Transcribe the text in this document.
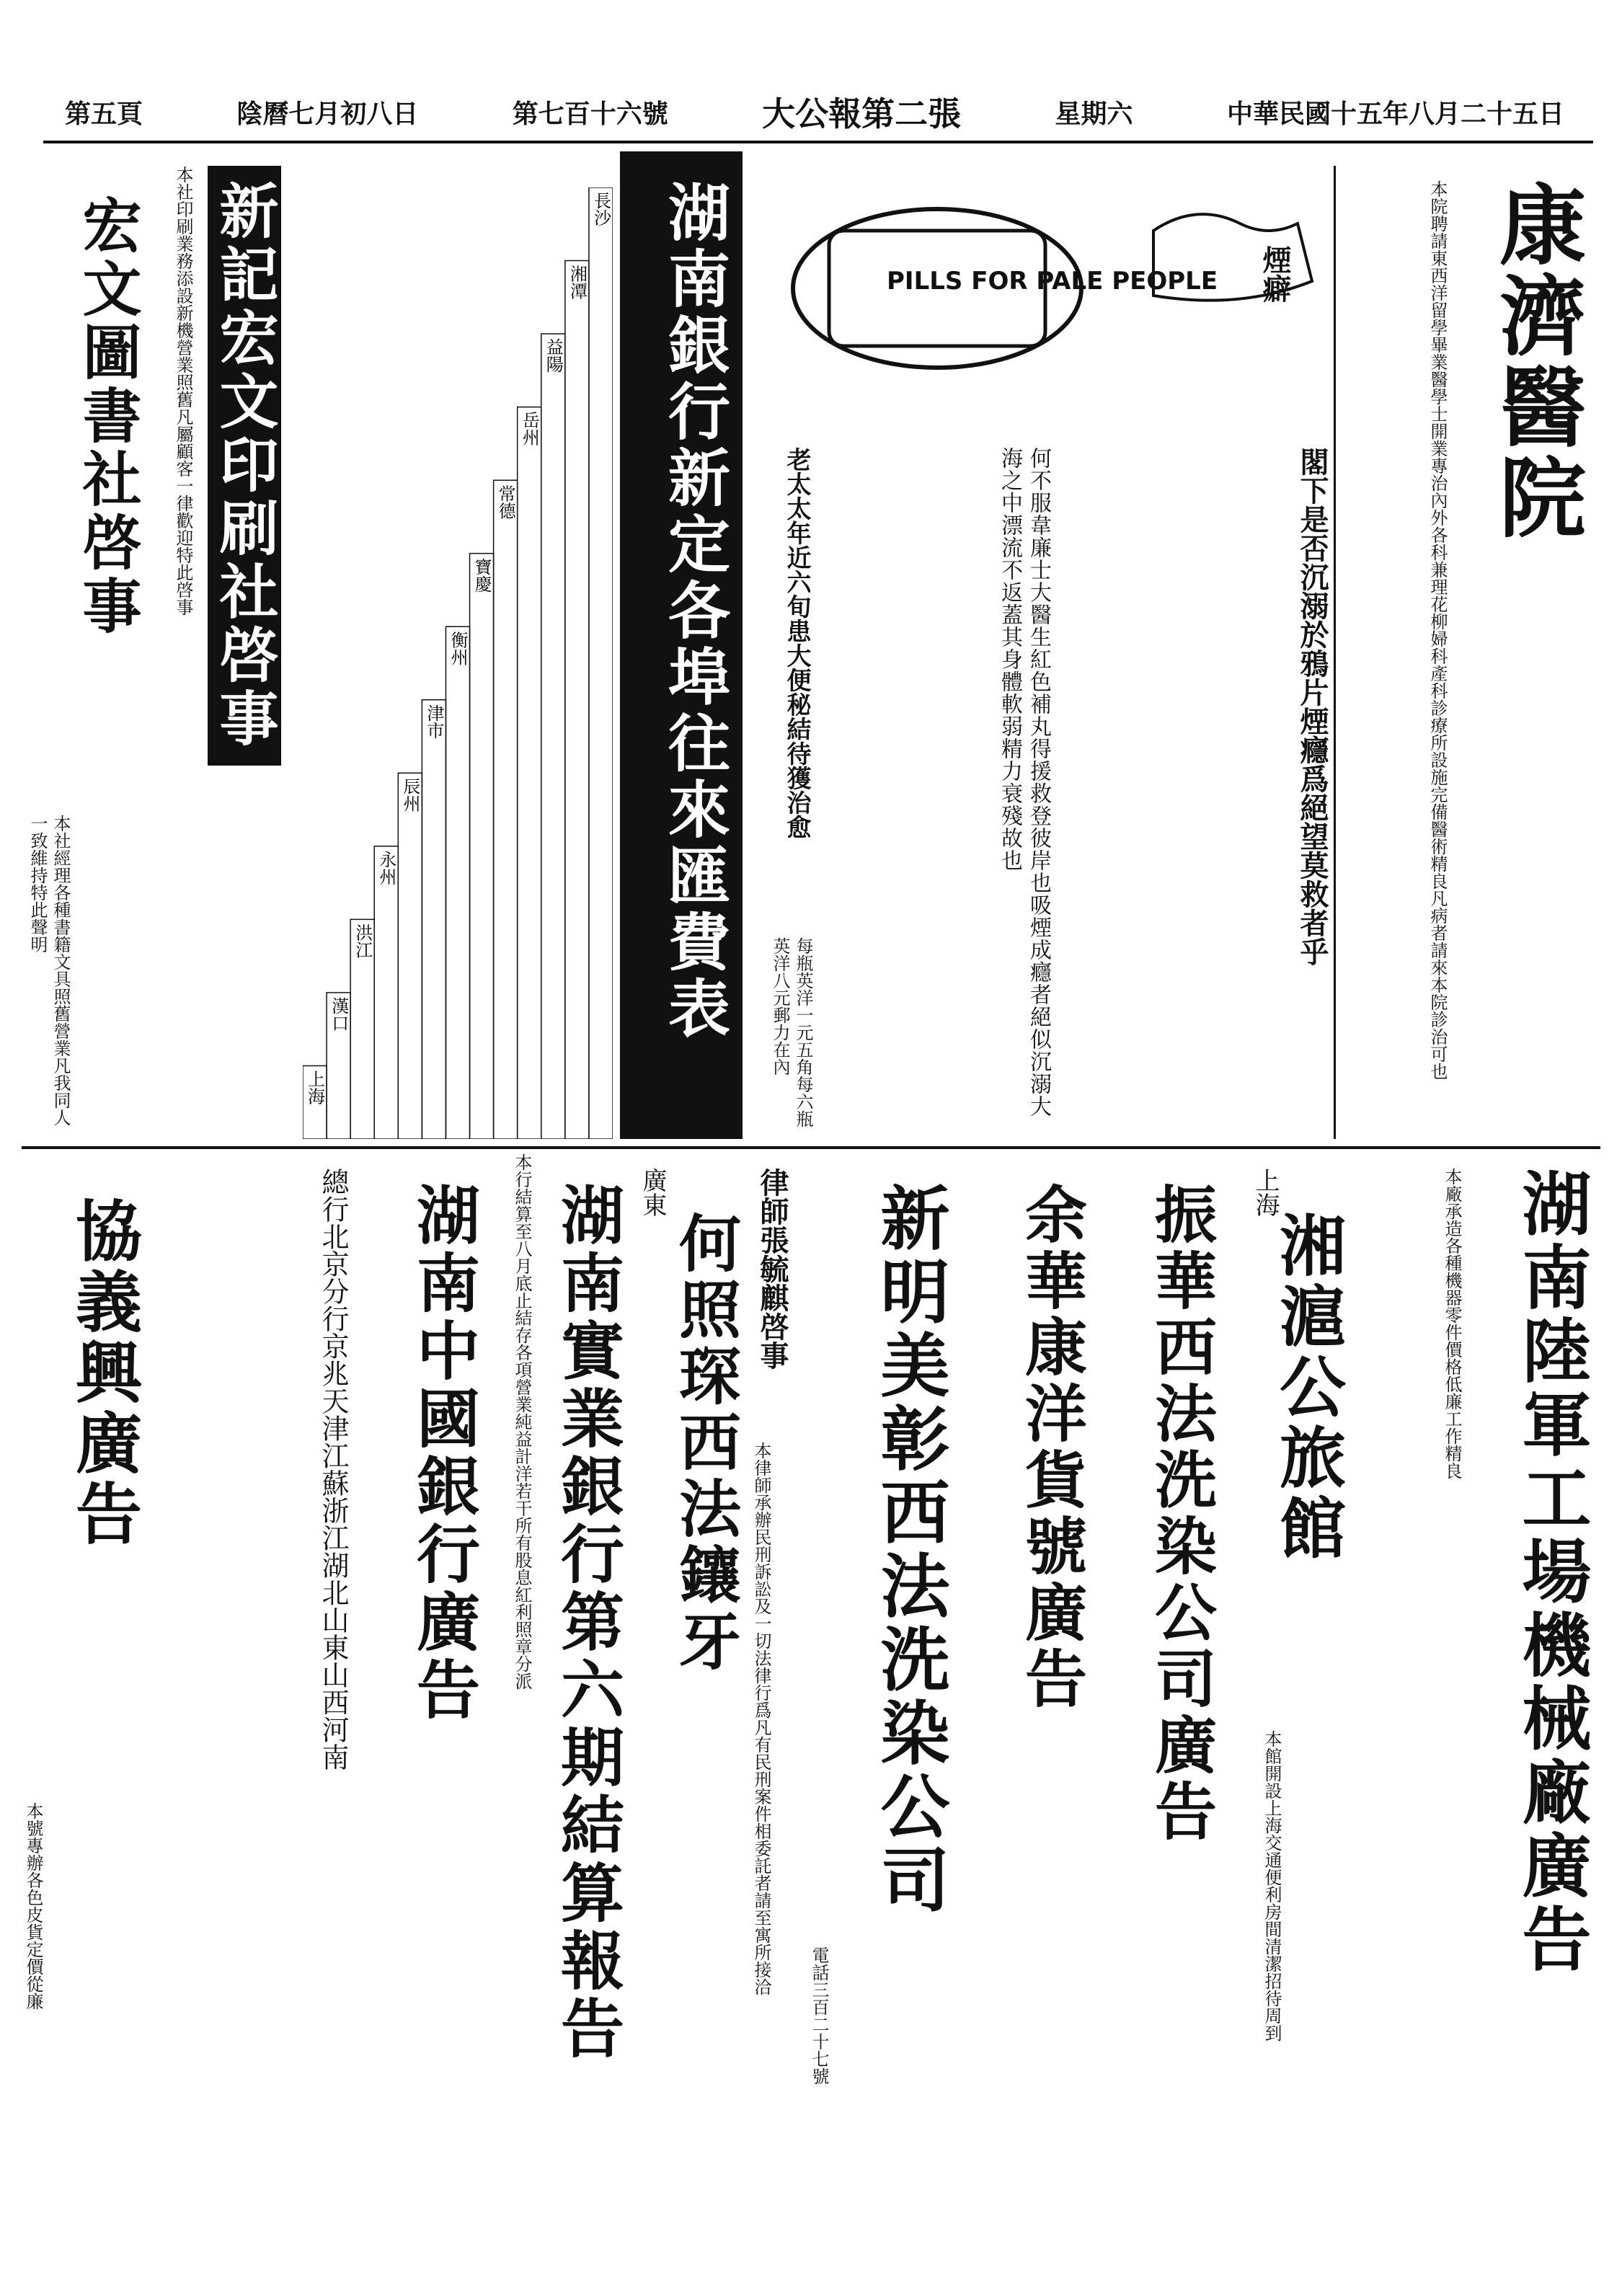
第五頁	陰曆七月初八日	第七百十六號	大公報第二張	星期六	中華民國十五年八月二十五日
康濟醫院
本院聘請東西洋留學畢業醫學士開業專治內外各科兼理花柳婦科產科診療所設施完備醫術精良凡病者請來本院診治可也
PILLS FOR PALE PEOPLE 煙癖
閣下是否沉溺於鴉片煙癮爲絕望莫救者乎
何不服韋廉士大醫生紅色補丸得援救登彼岸也吸煙成癮者絕似沉溺大海之中漂流不返蓋其身體軟弱精力衰殘故也
老太太年近六旬患大便秘結待獲治愈
每瓶英洋一元五角每六瓶英洋八元郵力在內
湖南銀行新定各埠往來匯費表
長沙
湘潭
益陽
岳州
常德
寶慶
衡州
津市
辰州
永州
洪江
漢口
上海
新記宏文印刷社啓事
本社印刷業務添設新機營業照舊凡屬顧客一律歡迎特此啓事
宏文圖書社啓事
本社經理各種書籍文具照舊營業凡我同人一致維持特此聲明
湖南陸軍工場機械廠廣告
本廠承造各種機器零件價格低廉工作精良
上海
湘滬公旅館
本館開設上海交通便利房間清潔招待周到
振華西法洗染公司廣告
余華康洋貨號廣告
新明美彰西法洗染公司
電話三百二十七號
律師張毓麒啓事
本律師承辦民刑訴訟及一切法律行爲凡有民刑案件相委託者請至寓所接洽
廣東
何照琛西法鑲牙
湖南實業銀行第六期結算報告
本行結算至八月底止結存各項營業純益計洋若干所有股息紅利照章分派
湖南中國銀行廣告
總行北京分行京兆天津江蘇浙江湖北山東山西河南
協義興廣告
本號專辦各色皮貨定價從廉
